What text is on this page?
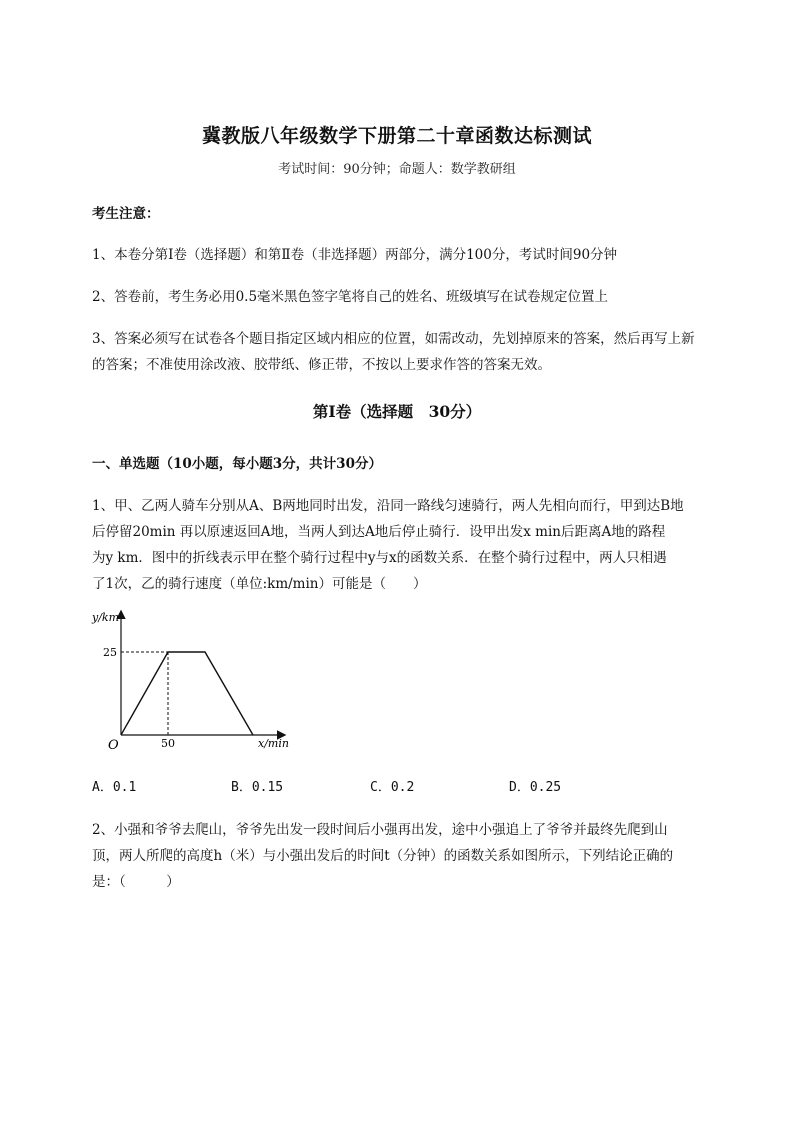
冀教版八年级数学下册第二十章函数达标测试
考试时间：90分钟；命题人：数学教研组
考生注意：
1、本卷分第I卷（选择题）和第Ⅱ卷（非选择题）两部分，满分100分，考试时间90分钟
2、答卷前，考生务必用0.5毫米黑色签字笔将自己的姓名、班级填写在试卷规定位置上
3、答案必须写在试卷各个题目指定区域内相应的位置，如需改动，先划掉原来的答案，然后再写上新
的答案；不准使用涂改液、胶带纸、修正带，不按以上要求作答的答案无效。
第I卷（选择题　30分）
一、单选题（10小题，每小题3分，共计30分）
1、甲、乙两人骑车分别从A、B两地同时出发，沿同一路线匀速骑行，两人先相向而行，甲到达B地
后停留20min 再以原速返回A地，当两人到达A地后停止骑行．设甲出发x min后距离A地的路程
为y km．图中的折线表示甲在整个骑行过程中y与x的函数关系．在整个骑行过程中，两人只相遇
了1次，乙的骑行速度（单位:km/min）可能是（　　）
y/km
x/min
O
25
50
A．0.1	B．0.15	C．0.2	D．0.25
2、小强和爷爷去爬山，爷爷先出发一段时间后小强再出发，途中小强追上了爷爷并最终先爬到山
顶，两人所爬的高度h（米）与小强出发后的时间t（分钟）的函数关系如图所示，下列结论正确的
是：（　　　）
